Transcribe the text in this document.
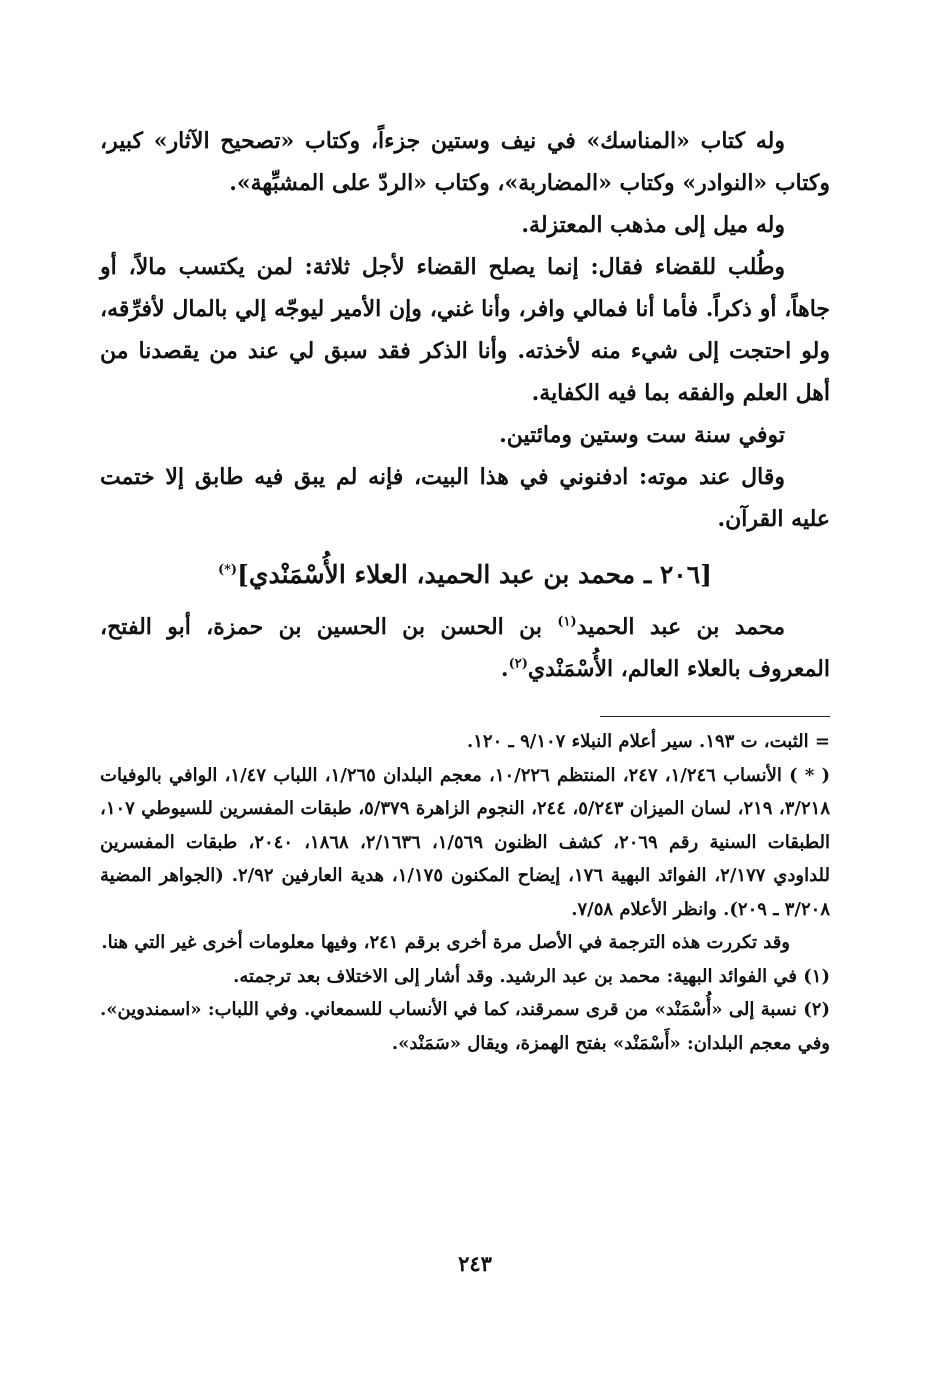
وله كتاب «المناسك» في نيف وستين جزءاً، وكتاب «تصحيح الآثار» كبير، وكتاب «النوادر» وكتاب «المضاربة»، وكتاب «الردّ على المشبِّهة».

وله ميل إلى مذهب المعتزلة.

وطُلب للقضاء فقال: إنما يصلح القضاء لأجل ثلاثة: لمن يكتسب مالاً، أو جاهاً، أو ذكراً. فأما أنا فمالي وافر، وأنا غني، وإن الأمير ليوجّه إلي بالمال لأفرِّقه، ولو احتجت إلى شيء منه لأخذته. وأنا الذكر فقد سبق لي عند من يقصدنا من أهل العلم والفقه بما فيه الكفاية.

توفي سنة ست وستين ومائتين.

وقال عند موته: ادفنوني في هذا البيت، فإنه لم يبق فيه طابق إلا ختمت عليه القرآن.

[٢٠٦ ـ محمد بن عبد الحميد، العلاء الأُسْمَنْدي](*)

محمد بن عبد الحميد$^{(١)}$ بن الحسن بن الحسين بن حمزة، أبو الفتح، المعروف بالعلاء العالم، الأُسْمَنْدي$^{(٢)}$.

= الثبت، ت ١٩٣. سير أعلام النبلاء ٩/١٠٧ ـ ١٢٠.

( * ) الأنساب ١/٢٤٦، ٢٤٧، المنتظم ١٠/٢٢٦، معجم البلدان ١/٢٦٥، اللباب ١/٤٧، الوافي بالوفيات ٣/٢١٨، ٢١٩، لسان الميزان ٥/٢٤٣، ٢٤٤، النجوم الزاهرة ٥/٣٧٩، طبقات المفسرين للسيوطي ١٠٧، الطبقات السنية رقم ٢٠٦٩، كشف الظنون ١/٥٦٩، ٢/١٦٣٦، ١٨٦٨، ٢٠٤٠، طبقات المفسرين للداودي ٢/١٧٧، الفوائد البهية ١٧٦، إيضاح المكنون ١/١٧٥، هدية العارفين ٢/٩٢. (الجواهر المضية ٣/٢٠٨ ـ ٢٠٩). وانظر الأعلام ٧/٥٨.

وقد تكررت هذه الترجمة في الأصل مرة أخرى برقم ٢٤١، وفيها معلومات أخرى غير التي هنا.

(١) في الفوائد البهية: محمد بن عبد الرشيد. وقد أشار إلى الاختلاف بعد ترجمته.

(٢) نسبة إلى «أُسْمَنْد» من قرى سمرقند، كما في الأنساب للسمعاني. وفي اللباب: «اسمندوين». وفي معجم البلدان: «أَسْمَنْد» بفتح الهمزة، ويقال «سَمَنْد».

٢٤٣
